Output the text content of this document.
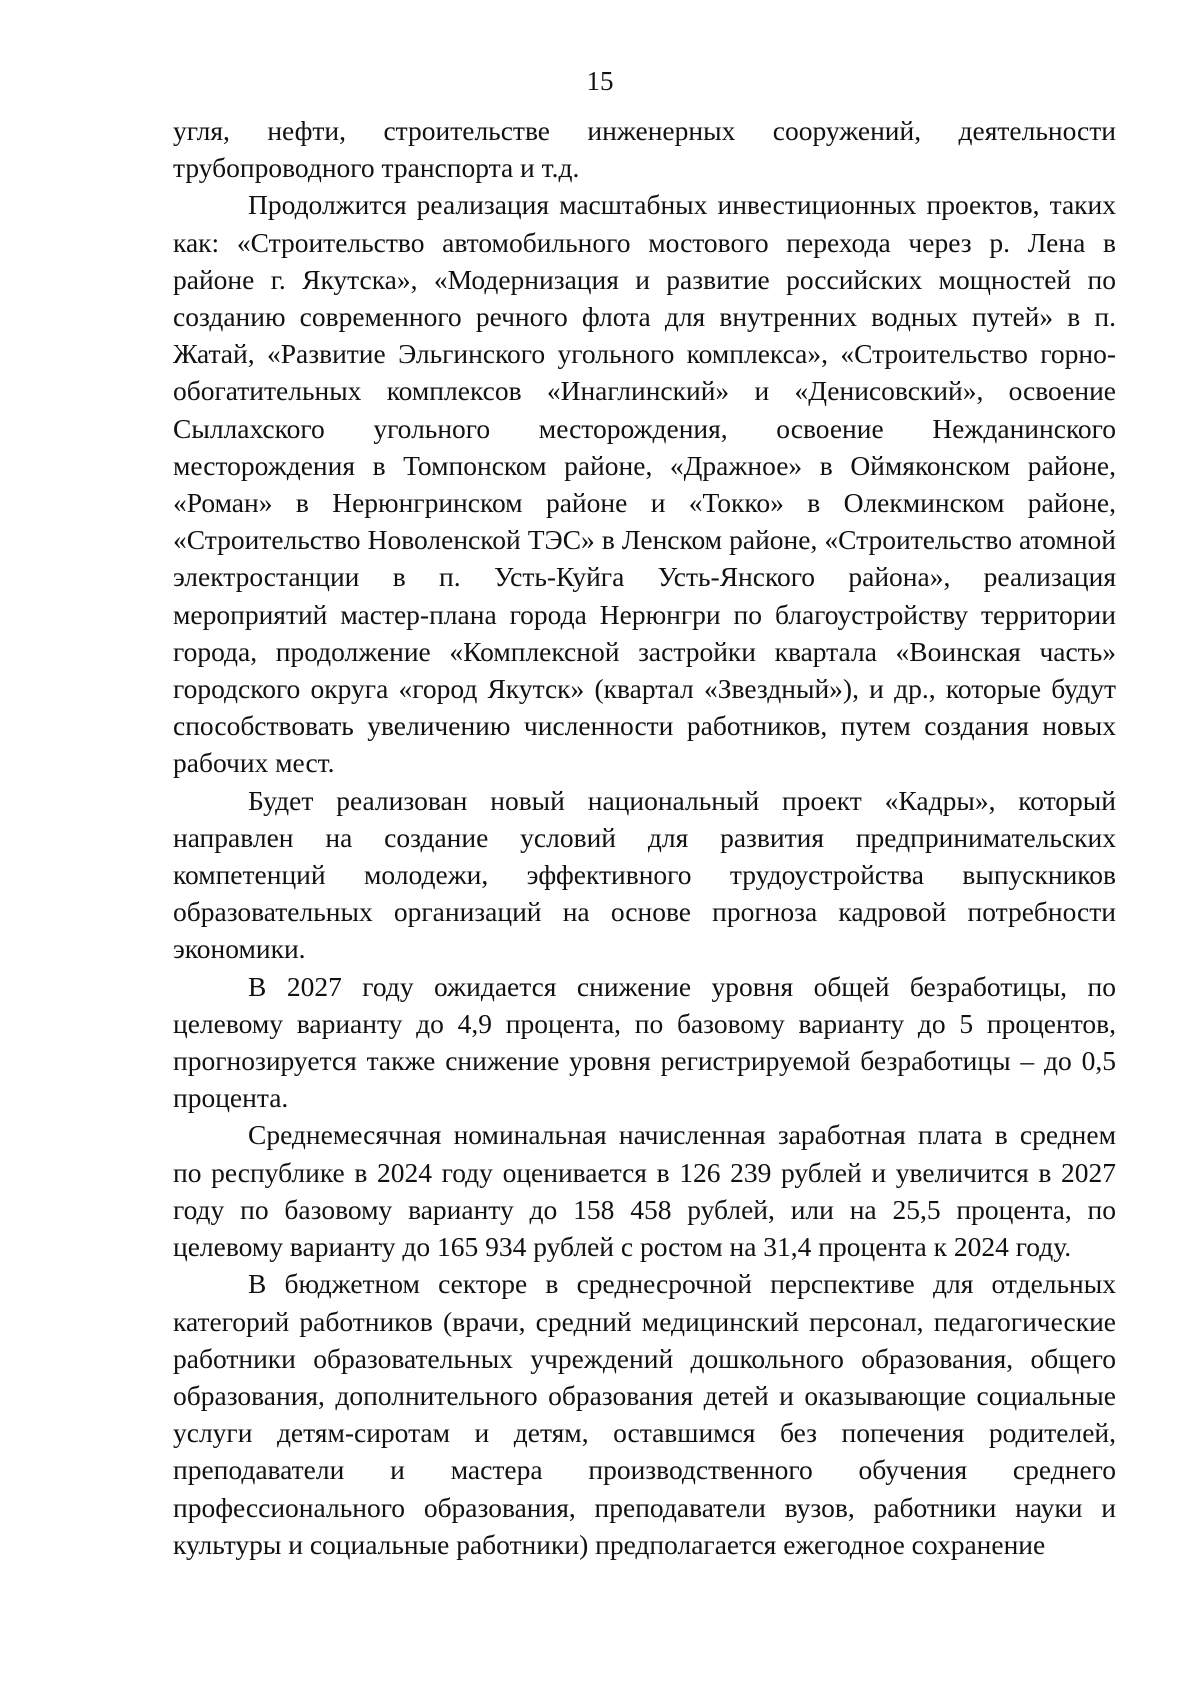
15

угля, нефти, строительстве инженерных сооружений, деятельности трубопроводного транспорта и т.д.

Продолжится реализация масштабных инвестиционных проектов, таких как: «Строительство автомобильного мостового перехода через р. Лена в районе г. Якутска», «Модернизация и развитие российских мощностей по созданию современного речного флота для внутренних водных путей» в п. Жатай, «Развитие Эльгинского угольного комплекса», «Строительство горно-обогатительных комплексов «Инаглинский» и «Денисовский», освоение Сыллахского угольного месторождения, освоение Нежданинского месторождения в Томпонском районе, «Дражное» в Оймяконском районе, «Роман» в Нерюнгринском районе и «Токко» в Олекминском районе, «Строительство Новоленской ТЭС» в Ленском районе, «Строительство атомной электростанции в п. Усть-Куйга Усть-Янского района», реализация мероприятий мастер-плана города Нерюнгри по благоустройству территории города, продолжение «Комплексной застройки квартала «Воинская часть» городского округа «город Якутск» (квартал «Звездный»), и др., которые будут способствовать увеличению численности работников, путем создания новых рабочих мест.

Будет реализован новый национальный проект «Кадры», который направлен на создание условий для развития предпринимательских компетенций молодежи, эффективного трудоустройства выпускников образовательных организаций на основе прогноза кадровой потребности экономики.

В 2027 году ожидается снижение уровня общей безработицы, по целевому варианту до 4,9 процента, по базовому варианту до 5 процентов, прогнозируется также снижение уровня регистрируемой безработицы – до 0,5 процента.

Среднемесячная номинальная начисленная заработная плата в среднем по республике в 2024 году оценивается в 126 239 рублей и увеличится в 2027 году по базовому варианту до 158 458 рублей, или на 25,5 процента, по целевому варианту до 165 934 рублей с ростом на 31,4 процента к 2024 году.

В бюджетном секторе в среднесрочной перспективе для отдельных категорий работников (врачи, средний медицинский персонал, педагогические работники образовательных учреждений дошкольного образования, общего образования, дополнительного образования детей и оказывающие социальные услуги детям-сиротам и детям, оставшимся без попечения родителей, преподаватели и мастера производственного обучения среднего профессионального образования, преподаватели вузов, работники науки и культуры и социальные работники) предполагается ежегодное сохранение
